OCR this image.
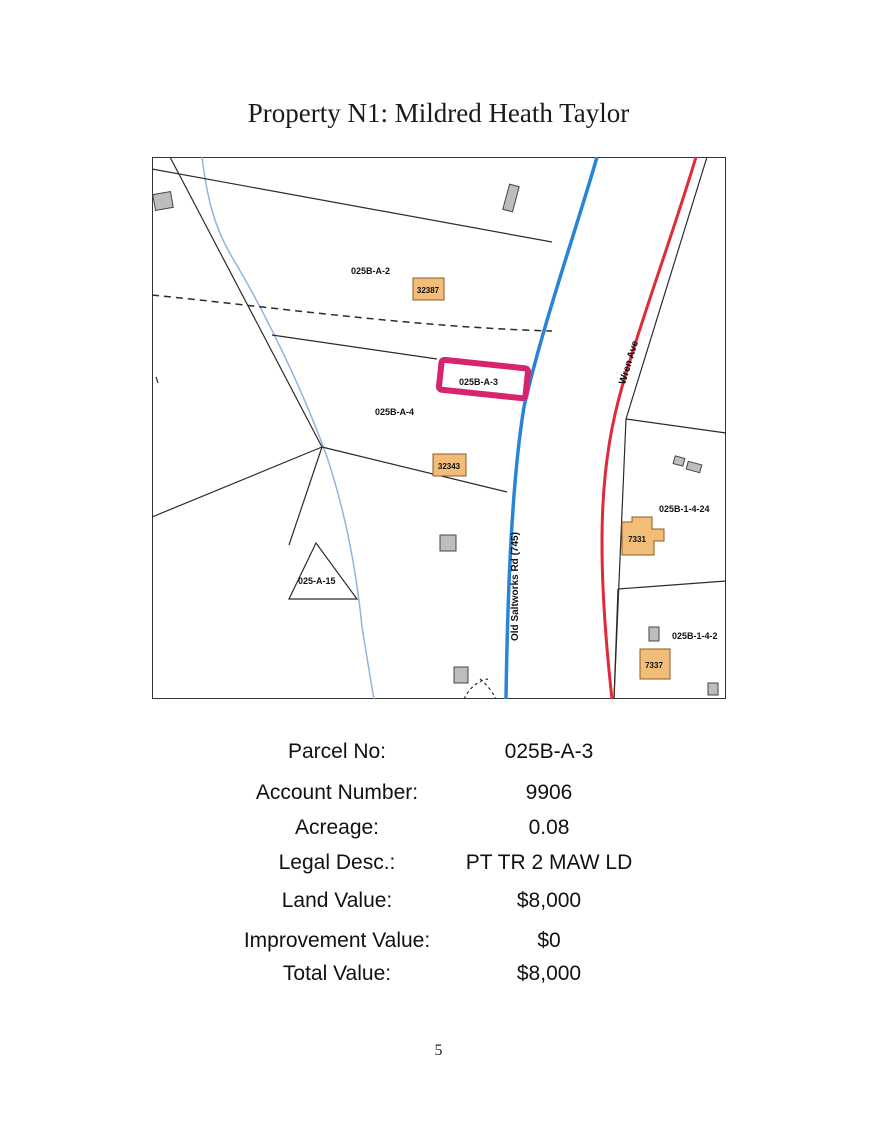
Property N1: Mildred Heath Taylor
32387
32343
7331
7337
025B-A-2
025B-A-3
025B-A-4
025-A-15
025B-1-4-24
025B-1-4-2
Old Saltworks Rd (745)
Wren Ave
Parcel No:	025B-A-3
Account Number:	9906
Acreage:	0.08
Legal Desc.:	PT TR 2 MAW LD
Land Value:	$8,000
Improvement Value:	$0
Total Value:	$8,000
5
